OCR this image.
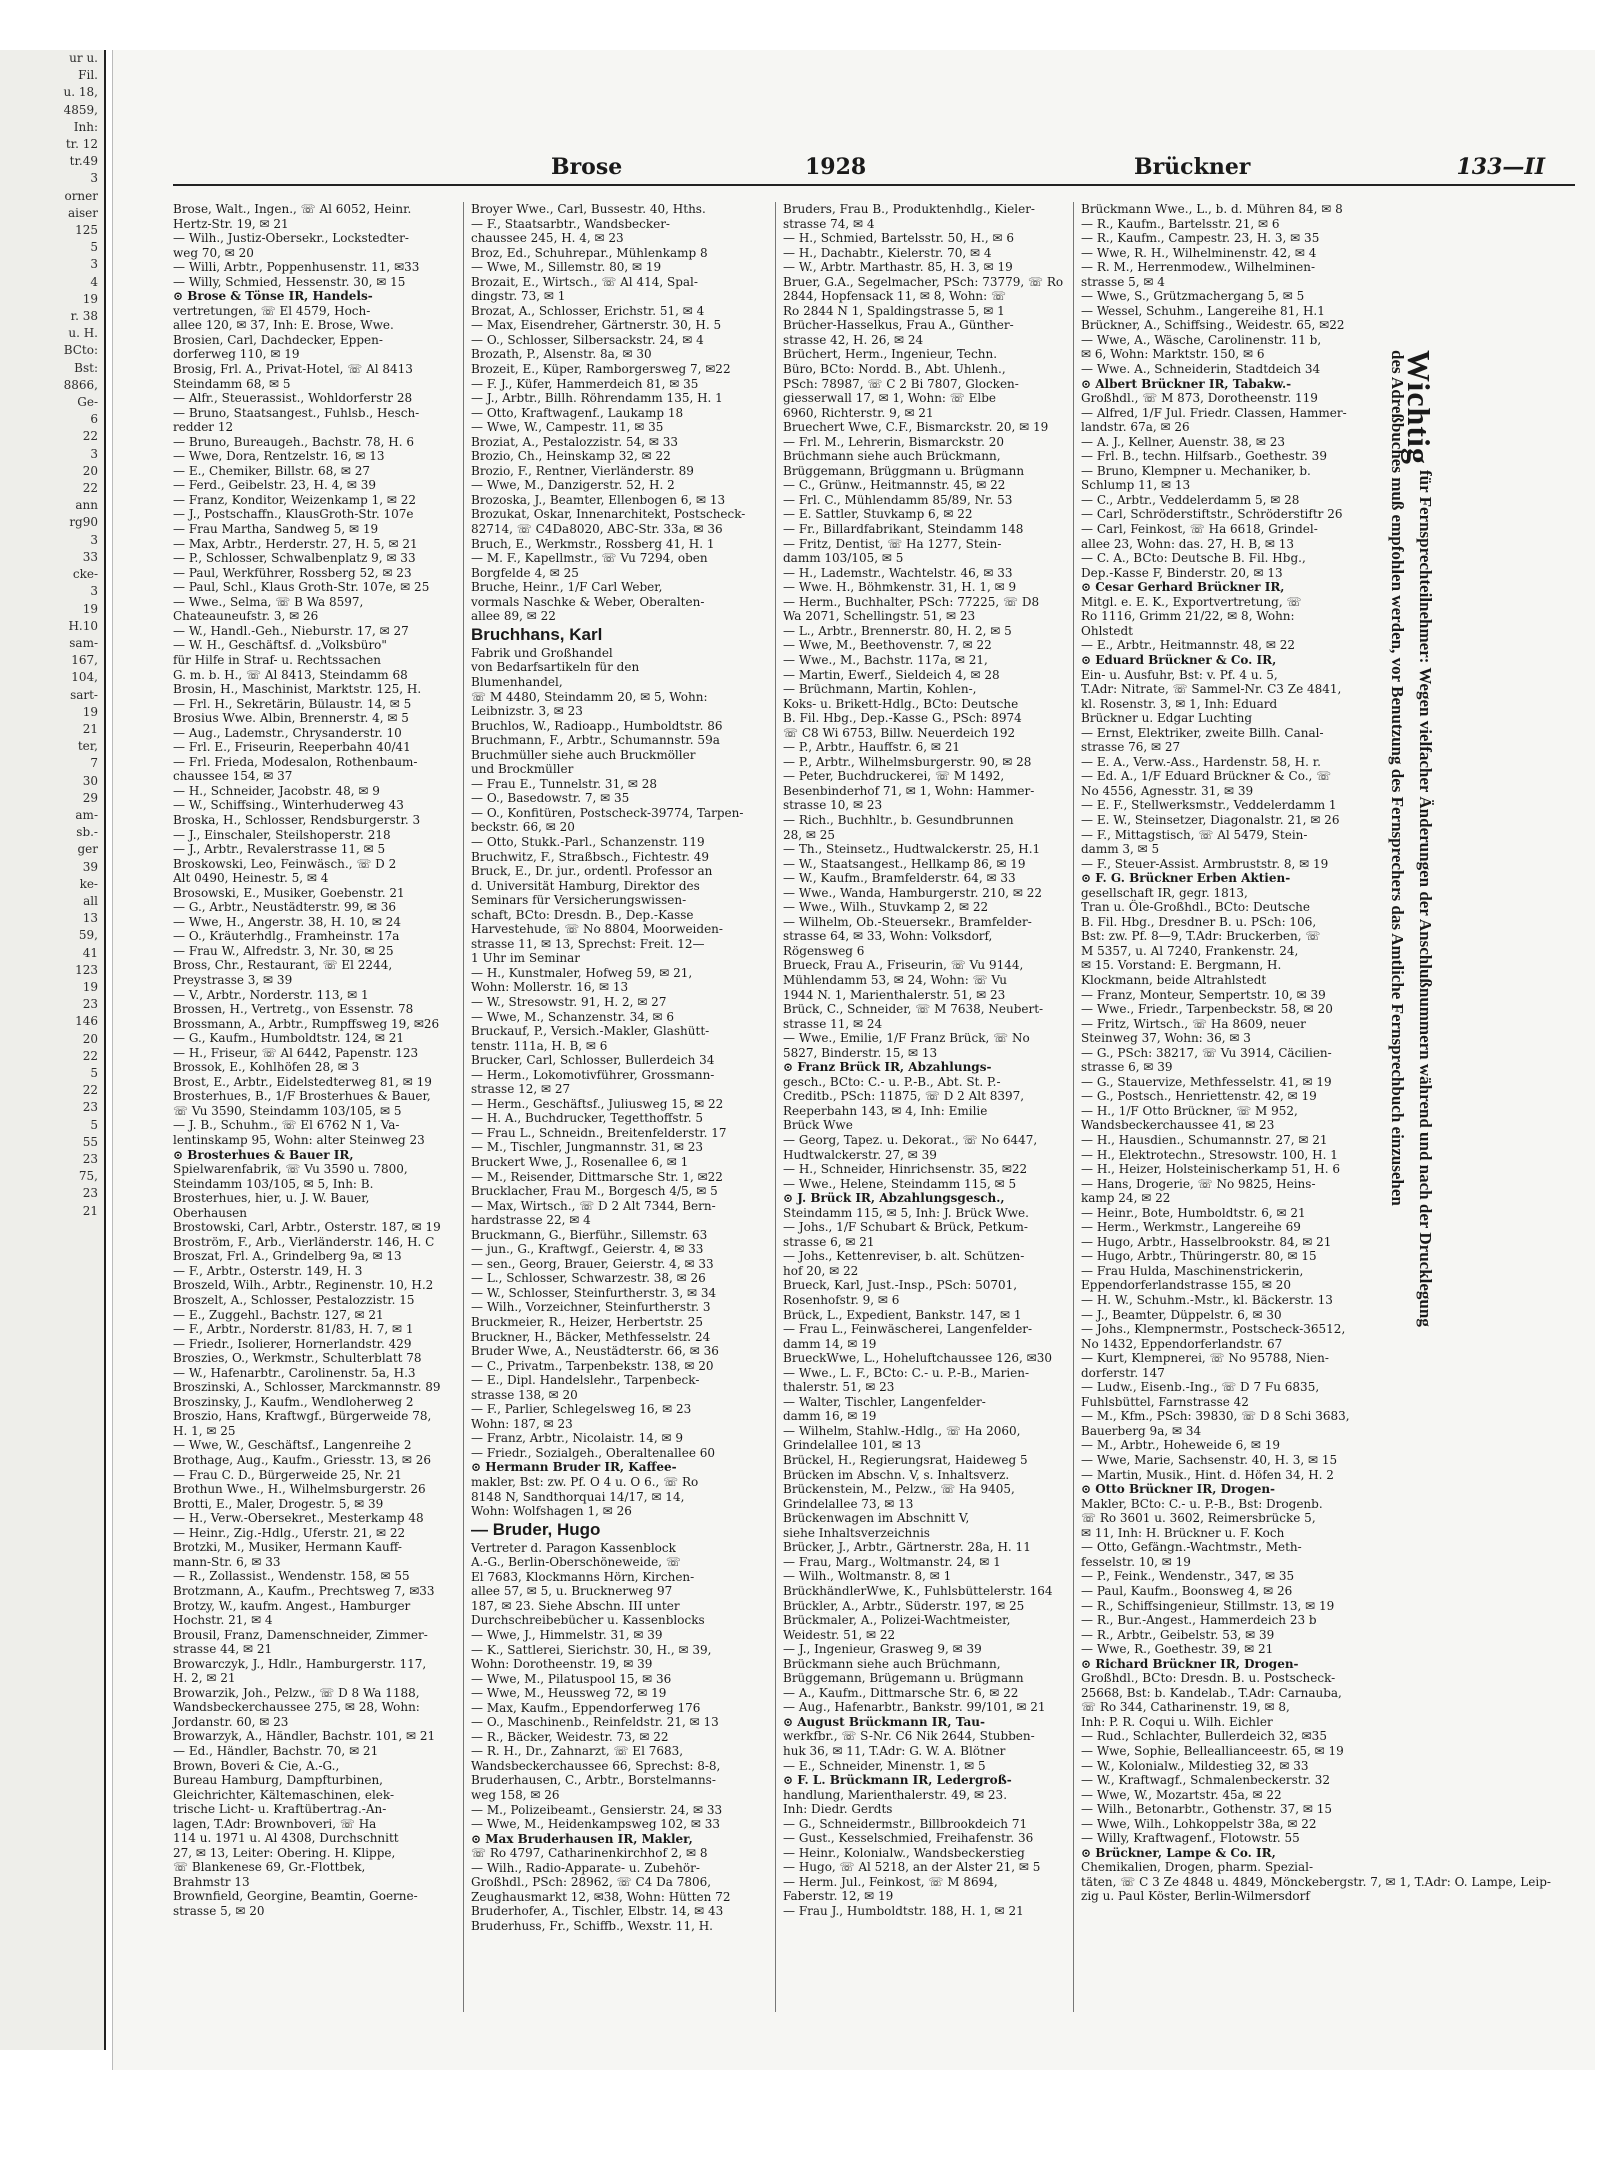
ur u.
Fil.
u. 18,
4859,
Inh:
tr. 12
tr.49
3
orner
aiser
125
5
3
4
19
r. 38
u. H.
BCto:
Bst:
8866,
Ge-
6
22
3
20
22
ann
rg90
3
33
cke-
3
19
H.10
sam-
167,
104,
sart-
19
21
ter,
7
30
29
am-
sb.-
ger
39
ke-
all
13
59,
41
123
19
23
146
20
22
5
22
23
5
55
23
75,
23
21
Brose	1928	Brückner	133—II
Brose, Walt., Ingen., ☏ Al 6052, Heinr.
Hertz-Str. 19, ✉ 21
— Wilh., Justiz-Obersekr., Lockstedter-
weg 70, ✉ 20
— Willi, Arbtr., Poppenhusenstr. 11, ✉33
— Willy, Schmied, Hessenstr. 30, ✉ 15
⊙ Brose & Tönse IR, Handels-
vertretungen, ☏ El 4579, Hoch-
allee 120, ✉ 37, Inh: E. Brose, Wwe.
Brosien, Carl, Dachdecker, Eppen-
dorferweg 110, ✉ 19
Brosig, Frl. A., Privat-Hotel, ☏ Al 8413
Steindamm 68, ✉ 5
— Alfr., Steuerassist., Wohldorferstr 28
— Bruno, Staatsangest., Fuhlsb., Hesch-
redder 12
— Bruno, Bureaugeh., Bachstr. 78, H. 6
— Wwe, Dora, Rentzelstr. 16, ✉ 13
— E., Chemiker, Billstr. 68, ✉ 27
— Ferd., Geibelstr. 23, H. 4, ✉ 39
— Franz, Konditor, Weizenkamp 1, ✉ 22
— J., Postschaffn., KlausGroth-Str. 107e
— Frau Martha, Sandweg 5, ✉ 19
— Max, Arbtr., Herderstr. 27, H. 5, ✉ 21
— P., Schlosser, Schwalbenplatz 9, ✉ 33
— Paul, Werkführer, Rossberg 52, ✉ 23
— Paul, Schl., Klaus Groth-Str. 107e, ✉ 25
— Wwe., Selma, ☏ B Wa 8597,
Chateauneufstr. 3, ✉ 26
— W., Handl.-Geh., Nieburstr. 17, ✉ 27
— W. H., Geschäftsf. d. „Volksbüro"
für Hilfe in Straf- u. Rechtssachen
G. m. b. H., ☏ Al 8413, Steindamm 68
Brosin, H., Maschinist, Marktstr. 125, H.
— Frl. H., Sekretärin, Bülaustr. 14, ✉ 5
Brosius Wwe. Albin, Brennerstr. 4, ✉ 5
— Aug., Lademstr., Chrysanderstr. 10
— Frl. E., Friseurin, Reeperbahn 40/41
— Frl. Frieda, Modesalon, Rothenbaum-
chaussee 154, ✉ 37
— H., Schneider, Jacobstr. 48, ✉ 9
— W., Schiffsing., Winterhuderweg 43
Broska, H., Schlosser, Rendsburgerstr. 3
— J., Einschaler, Steilshoperstr. 218
— J., Arbtr., Revalerstrasse 11, ✉ 5
Broskowski, Leo, Feinwäsch., ☏ D 2
Alt 0490, Heinestr. 5, ✉ 4
Brosowski, E., Musiker, Goebenstr. 21
— G., Arbtr., Neustädterstr. 99, ✉ 36
— Wwe, H., Angerstr. 38, H. 10, ✉ 24
— O., Kräuterhdlg., Framheinstr. 17a
— Frau W., Alfredstr. 3, Nr. 30, ✉ 25
Bross, Chr., Restaurant, ☏ El 2244,
Preystrasse 3, ✉ 39
— V., Arbtr., Norderstr. 113, ✉ 1
Brossen, H., Vertretg., von Essenstr. 78
Brossmann, A., Arbtr., Rumpffsweg 19, ✉26
— G., Kaufm., Humboldtstr. 124, ✉ 21
— H., Friseur, ☏ Al 6442, Papenstr. 123
Brossok, E., Kohlhöfen 28, ✉ 3
Brost, E., Arbtr., Eidelstedterweg 81, ✉ 19
Brosterhues, B., 1/F Brosterhues & Bauer,
☏ Vu 3590, Steindamm 103/105, ✉ 5
— J. B., Schuhm., ☏ El 6762 N 1, Va-
lentinskamp 95, Wohn: alter Steinweg 23
⊙ Brosterhues & Bauer IR,
Spielwarenfabrik, ☏ Vu 3590 u. 7800,
Steindamm 103/105, ✉ 5, Inh: B.
Brosterhues, hier, u. J. W. Bauer,
Oberhausen
Brostowski, Carl, Arbtr., Osterstr. 187, ✉ 19
Broström, F., Arb., Vierländerstr. 146, H. C
Broszat, Frl. A., Grindelberg 9a, ✉ 13
— F., Arbtr., Osterstr. 149, H. 3
Broszeld, Wilh., Arbtr., Reginenstr. 10, H.2
Broszelt, A., Schlosser, Pestalozzistr. 15
— E., Zuggehl., Bachstr. 127, ✉ 21
— F., Arbtr., Norderstr. 81/83, H. 7, ✉ 1
— Friedr., Isolierer, Hornerlandstr. 429
Broszies, O., Werkmstr., Schulterblatt 78
— W., Hafenarbtr., Carolinenstr. 5a, H.3
Broszinski, A., Schlosser, Marckmannstr. 89
Broszinsky, J., Kaufm., Wendloherweg 2
Broszio, Hans, Kraftwgf., Bürgerweide 78,
H. 1, ✉ 25
— Wwe, W., Geschäftsf., Langenreihe 2
Brothage, Aug., Kaufm., Griesstr. 13, ✉ 26
— Frau C. D., Bürgerweide 25, Nr. 21
Brothun Wwe., H., Wilhelmsburgerstr. 26
Brotti, E., Maler, Drogestr. 5, ✉ 39
— H., Verw.-Obersekret., Mesterkamp 48
— Heinr., Zig.-Hdlg., Uferstr. 21, ✉ 22
Brotzki, M., Musiker, Hermann Kauff-
mann-Str. 6, ✉ 33
— R., Zollassist., Wendenstr. 158, ✉ 55
Brotzmann, A., Kaufm., Prechtsweg 7, ✉33
Brotzy, W., kaufm. Angest., Hamburger
Hochstr. 21, ✉ 4
Brousil, Franz, Damenschneider, Zimmer-
strasse 44, ✉ 21
Browarczyk, J., Hdlr., Hamburgerstr. 117,
H. 2, ✉ 21
Browarzik, Joh., Pelzw., ☏ D 8 Wa 1188,
Wandsbeckerchaussee 275, ✉ 28, Wohn:
Jordanstr. 60, ✉ 23
Browarzyk, A., Händler, Bachstr. 101, ✉ 21
— Ed., Händler, Bachstr. 70, ✉ 21
Brown, Boveri & Cie, A.-G.,
Bureau Hamburg, Dampfturbinen,
Gleichrichter, Kältemaschinen, elek-
trische Licht- u. Kraftübertrag.-An-
lagen, T.Adr: Brownboveri, ☏ Ha
114 u. 1971 u. Al 4308, Durchschnitt
27, ✉ 13, Leiter: Obering. H. Klippe,
☏ Blankenese 69, Gr.-Flottbek,
Brahmstr 13
Brownfield, Georgine, Beamtin, Goerne-
strasse 5, ✉ 20
Broyer Wwe., Carl, Bussestr. 40, Hths.
— F., Staatsarbtr., Wandsbecker-
chaussee 245, H. 4, ✉ 23
Broz, Ed., Schuhrepar., Mühlenkamp 8
— Wwe, M., Sillemstr. 80, ✉ 19
Brozait, E., Wirtsch., ☏ Al 414, Spal-
dingstr. 73, ✉ 1
Brozat, A., Schlosser, Erichstr. 51, ✉ 4
— Max, Eisendreher, Gärtnerstr. 30, H. 5
— O., Schlosser, Silbersackstr. 24, ✉ 4
Brozath, P., Alsenstr. 8a, ✉ 30
Brozeit, E., Küper, Ramborgersweg 7, ✉22
— F. J., Küfer, Hammerdeich 81, ✉ 35
— J., Arbtr., Billh. Röhrendamm 135, H. 1
— Otto, Kraftwagenf., Laukamp 18
— Wwe, W., Campestr. 11, ✉ 35
Broziat, A., Pestalozzistr. 54, ✉ 33
Brozio, Ch., Heinskamp 32, ✉ 22
Brozio, F., Rentner, Vierländerstr. 89
— Wwe, M., Danzigerstr. 52, H. 2
Brozoska, J., Beamter, Ellenbogen 6, ✉ 13
Brozukat, Oskar, Innenarchitekt, Postscheck-
82714, ☏ C4Da8020, ABC-Str. 33a, ✉ 36
Bruch, E., Werkmstr., Rossberg 41, H. 1
— M. F., Kapellmstr., ☏ Vu 7294, oben
Borgfelde 4, ✉ 25
Bruche, Heinr., 1/F Carl Weber,
vormals Naschke & Weber, Oberalten-
allee 89, ✉ 22
Bruchhans, Karl
Fabrik und Großhandel
von Bedarfsartikeln für den
Blumenhandel,
☏ M 4480, Steindamm 20, ✉ 5, Wohn:
Leibnizstr. 3, ✉ 23
Bruchlos, W., Radioapp., Humboldtstr. 86
Bruchmann, F., Arbtr., Schumannstr. 59a
Bruchmüller siehe auch Bruckmöller
und Brockmüller
— Frau E., Tunnelstr. 31, ✉ 28
— O., Basedowstr. 7, ✉ 35
— O., Konfitüren, Postscheck-39774, Tarpen-
beckstr. 66, ✉ 20
— Otto, Stukk.-Parl., Schanzenstr. 119
Bruchwitz, F., Straßbsch., Fichtestr. 49
Bruck, E., Dr. jur., ordentl. Professor an
d. Universität Hamburg, Direktor des
Seminars für Versicherungswissen-
schaft, BCto: Dresdn. B., Dep.-Kasse
Harvestehude, ☏ No 8804, Moorweiden-
strasse 11, ✉ 13, Sprechst: Freit. 12—
1 Uhr im Seminar
— H., Kunstmaler, Hofweg 59, ✉ 21,
Wohn: Mollerstr. 16, ✉ 13
— W., Stresowstr. 91, H. 2, ✉ 27
— Wwe, M., Schanzenstr. 34, ✉ 6
Bruckauf, P., Versich.-Makler, Glashütt-
tenstr. 111a, H. B, ✉ 6
Brucker, Carl, Schlosser, Bullerdeich 34
— Herm., Lokomotivführer, Grossmann-
strasse 12, ✉ 27
— Herm., Geschäftsf., Juliusweg 15, ✉ 22
— H. A., Buchdrucker, Tegetthoffstr. 5
— Frau L., Schneidn., Breitenfelderstr. 17
— M., Tischler, Jungmannstr. 31, ✉ 23
Bruckert Wwe, J., Rosenallee 6, ✉ 1
— M., Reisender, Dittmarsche Str. 1, ✉22
Brucklacher, Frau M., Borgesch 4/5, ✉ 5
— Max, Wirtsch., ☏ D 2 Alt 7344, Bern-
hardstrasse 22, ✉ 4
Bruckmann, G., Bierführ., Sillemstr. 63
— jun., G., Kraftwgf., Geierstr. 4, ✉ 33
— sen., Georg, Brauer, Geierstr. 4, ✉ 33
— L., Schlosser, Schwarzestr. 38, ✉ 26
— W., Schlosser, Steinfurtherstr. 3, ✉ 34
— Wilh., Vorzeichner, Steinfurtherstr. 3
Bruckmeier, R., Heizer, Herbertstr. 25
Bruckner, H., Bäcker, Methfesselstr. 24
Bruder Wwe, A., Neustädterstr. 66, ✉ 36
— C., Privatm., Tarpenbekstr. 138, ✉ 20
— E., Dipl. Handelslehr., Tarpenbeck-
strasse 138, ✉ 20
— F., Parlier, Schlegelsweg 16, ✉ 23
Wohn: 187, ✉ 23
— Franz, Arbtr., Nicolaistr. 14, ✉ 9
— Friedr., Sozialgeh., Oberaltenallee 60
⊙ Hermann Bruder IR, Kaffee-
makler, Bst: zw. Pf. O 4 u. O 6., ☏ Ro
8148 N, Sandthorquai 14/17, ✉ 14,
Wohn: Wolfshagen 1, ✉ 26
— Bruder, Hugo
Vertreter d. Paragon Kassenblock
A.-G., Berlin-Oberschöneweide, ☏
El 7683, Klockmanns Hörn, Kirchen-
allee 57, ✉ 5, u. Brucknerweg 97
187, ✉ 23. Siehe Abschn. III unter
Durchschreibebücher u. Kassenblocks
— Wwe, J., Himmelstr. 31, ✉ 39
— K., Sattlerei, Sierichstr. 30, H., ✉ 39,
Wohn: Dorotheenstr. 19, ✉ 39
— Wwe, M., Pilatuspool 15, ✉ 36
— Wwe, M., Heussweg 72, ✉ 19
— Max, Kaufm., Eppendorferweg 176
— O., Maschinenb., Reinfeldstr. 21, ✉ 13
— R., Bäcker, Weidestr. 73, ✉ 22
— R. H., Dr., Zahnarzt, ☏ El 7683,
Wandsbeckerchaussee 66, Sprechst: 8-8,
Bruderhausen, C., Arbtr., Borstelmanns-
weg 158, ✉ 26
— M., Polizeibeamt., Gensierstr. 24, ✉ 33
— Wwe, M., Heidenkampsweg 102, ✉ 33
⊙ Max Bruderhausen IR, Makler,
☏ Ro 4797, Catharinenkirchhof 2, ✉ 8
— Wilh., Radio-Apparate- u. Zubehör-
Großhdl., PSch: 28962, ☏ C4 Da 7806,
Zeughausmarkt 12, ✉38, Wohn: Hütten 72
Bruderhofer, A., Tischler, Elbstr. 14, ✉ 43
Bruderhuss, Fr., Schiffb., Wexstr. 11, H.
Bruders, Frau B., Produktenhdlg., Kieler-
strasse 74, ✉ 4
— H., Schmied, Bartelsstr. 50, H., ✉ 6
— H., Dachabtr., Kielerstr. 70, ✉ 4
— W., Arbtr. Marthastr. 85, H. 3, ✉ 19
Bruer, G.A., Segelmacher, PSch: 73779, ☏ Ro
2844, Hopfensack 11, ✉ 8, Wohn: ☏
Ro 2844 N 1, Spaldingstrasse 5, ✉ 1
Brücher-Hasselkus, Frau A., Günther-
strasse 42, H. 26, ✉ 24
Brüchert, Herm., Ingenieur, Techn.
Büro, BCto: Nordd. B., Abt. Uhlenh.,
PSch: 78987, ☏ C 2 Bi 7807, Glocken-
giesserwall 17, ✉ 1, Wohn: ☏ Elbe
6960, Richterstr. 9, ✉ 21
Bruechert Wwe, C.F., Bismarckstr. 20, ✉ 19
— Frl. M., Lehrerin, Bismarckstr. 20
Brüchmann siehe auch Brückmann,
Brüggemann, Brüggmann u. Brügmann
— C., Grünw., Heitmannstr. 45, ✉ 22
— Frl. C., Mühlendamm 85/89, Nr. 53
— E. Sattler, Stuvkamp 6, ✉ 22
— Fr., Billardfabrikant, Steindamm 148
— Fritz, Dentist, ☏ Ha 1277, Stein-
damm 103/105, ✉ 5
— H., Lademstr., Wachtelstr. 46, ✉ 33
— Wwe. H., Böhmkenstr. 31, H. 1, ✉ 9
— Herm., Buchhalter, PSch: 77225, ☏ D8
Wa 2071, Schellingstr. 51, ✉ 23
— L., Arbtr., Brennerstr. 80, H. 2, ✉ 5
— Wwe, M., Beethovenstr. 7, ✉ 22
— Wwe., M., Bachstr. 117a, ✉ 21,
— Martin, Ewerf., Sieldeich 4, ✉ 28
— Brüchmann, Martin, Kohlen-,
Koks- u. Brikett-Hdlg., BCto: Deutsche
B. Fil. Hbg., Dep.-Kasse G., PSch: 8974
☏ C8 Wi 6753, Billw. Neuerdeich 192
— P., Arbtr., Hauffstr. 6, ✉ 21
— P., Arbtr., Wilhelmsburgerstr. 90, ✉ 28
— Peter, Buchdruckerei, ☏ M 1492,
Besenbinderhof 71, ✉ 1, Wohn: Hammer-
strasse 10, ✉ 23
— Rich., Buchhltr., b. Gesundbrunnen
28, ✉ 25
— Th., Steinsetz., Hudtwalckerstr. 25, H.1
— W., Staatsangest., Hellkamp 86, ✉ 19
— W., Kaufm., Bramfelderstr. 64, ✉ 33
— Wwe., Wanda, Hamburgerstr. 210, ✉ 22
— Wwe., Wilh., Stuvkamp 2, ✉ 22
— Wilhelm, Ob.-Steuersekr., Bramfelder-
strasse 64, ✉ 33, Wohn: Volksdorf,
Rögensweg 6
Brueck, Frau A., Friseurin, ☏ Vu 9144,
Mühlendamm 53, ✉ 24, Wohn: ☏ Vu
1944 N. 1, Marienthalerstr. 51, ✉ 23
Brück, C., Schneider, ☏ M 7638, Neubert-
strasse 11, ✉ 24
— Wwe., Emilie, 1/F Franz Brück, ☏ No
5827, Binderstr. 15, ✉ 13
⊙ Franz Brück IR, Abzahlungs-
gesch., BCto: C.- u. P.-B., Abt. St. P.-
Creditb., PSch: 11875, ☏ D 2 Alt 8397,
Reeperbahn 143, ✉ 4, Inh: Emilie
Brück Wwe
— Georg, Tapez. u. Dekorat., ☏ No 6447,
Hudtwalckerstr. 27, ✉ 39
— H., Schneider, Hinrichsenstr. 35, ✉22
— Wwe., Helene, Steindamm 115, ✉ 5
⊙ J. Brück IR, Abzahlungsgesch.,
Steindamm 115, ✉ 5, Inh: J. Brück Wwe.
— Johs., 1/F Schubart & Brück, Petkum-
strasse 6, ✉ 21
— Johs., Kettenreviser, b. alt. Schützen-
hof 20, ✉ 22
Brueck, Karl, Just.-Insp., PSch: 50701,
Rosenhofstr. 9, ✉ 6
Brück, L., Expedient, Bankstr. 147, ✉ 1
— Frau L., Feinwäscherei, Langenfelder-
damm 14, ✉ 19
BrueckWwe, L., Hoheluftchaussee 126, ✉30
— Wwe., L. F., BCto: C.- u. P.-B., Marien-
thalerstr. 51, ✉ 23
— Walter, Tischler, Langenfelder-
damm 16, ✉ 19
— Wilhelm, Stahlw.-Hdlg., ☏ Ha 2060,
Grindelallee 101, ✉ 13
Brückel, H., Regierungsrat, Haideweg 5
Brücken im Abschn. V, s. Inhaltsverz.
Brückenstein, M., Pelzw., ☏ Ha 9405,
Grindelallee 73, ✉ 13
Brückenwagen im Abschnitt V,
siehe Inhaltsverzeichnis
Brücker, J., Arbtr., Gärtnerstr. 28a, H. 11
— Frau, Marg., Woltmanstr. 24, ✉ 1
— Wilh., Woltmanstr. 8, ✉ 1
BrückhändlerWwe, K., Fuhlsbüttelerstr. 164
Brückler, A., Arbtr., Süderstr. 197, ✉ 25
Brückmaler, A., Polizei-Wachtmeister,
Weidestr. 51, ✉ 22
— J., Ingenieur, Grasweg 9, ✉ 39
Brückmann siehe auch Brüchmann,
Brüggemann, Brügemann u. Brügmann
— A., Kaufm., Dittmarsche Str. 6, ✉ 22
— Aug., Hafenarbtr., Bankstr. 99/101, ✉ 21
⊙ August Brückmann IR, Tau-
werkfbr., ☏ S-Nr. C6 Nik 2644, Stubben-
huk 36, ✉ 11, T.Adr: G. W. A. Blötner
— E., Schneider, Minenstr. 1, ✉ 5
⊙ F. L. Brückmann IR, Ledergroß-
handlung, Marienthalerstr. 49, ✉ 23.
Inh: Diedr. Gerdts
— G., Schneidermstr., Billbrookdeich 71
— Gust., Kesselschmied, Freihafenstr. 36
— Heinr., Kolonialw., Wandsbeckerstieg
— Hugo, ☏ Al 5218, an der Alster 21, ✉ 5
— Herm. Jul., Feinkost, ☏ M 8694,
Faberstr. 12, ✉ 19
— Frau J., Humboldtstr. 188, H. 1, ✉ 21
Brückmann Wwe., L., b. d. Mühren 84, ✉ 8
— R., Kaufm., Bartelsstr. 21, ✉ 6
— R., Kaufm., Campestr. 23, H. 3, ✉ 35
— Wwe, R. H., Wilhelminenstr. 42, ✉ 4
— R. M., Herrenmodew., Wilhelminen-
strasse 5, ✉ 4
— Wwe, S., Grützmachergang 5, ✉ 5
— Wessel, Schuhm., Langereihe 81, H.1
Brückner, A., Schiffsing., Weidestr. 65, ✉22
— Wwe, A., Wäsche, Carolinenstr. 11 b,
✉ 6, Wohn: Marktstr. 150, ✉ 6
— Wwe. A., Schneiderin, Stadtdeich 34
⊙ Albert Brückner IR, Tabakw.-
Großhdl., ☏ M 873, Dorotheenstr. 119
— Alfred, 1/F Jul. Friedr. Classen, Hammer-
landstr. 67a, ✉ 26
— A. J., Kellner, Auenstr. 38, ✉ 23
— Frl. B., techn. Hilfsarb., Goethestr. 39
— Bruno, Klempner u. Mechaniker, b.
Schlump 11, ✉ 13
— C., Arbtr., Veddelerdamm 5, ✉ 28
— Carl, Schröderstiftstr., Schröderstiftr 26
— Carl, Feinkost, ☏ Ha 6618, Grindel-
allee 23, Wohn: das. 27, H. B, ✉ 13
— C. A., BCto: Deutsche B. Fil. Hbg.,
Dep.-Kasse F, Binderstr. 20, ✉ 13
⊙ Cesar Gerhard Brückner IR,
Mitgl. e. E. K., Exportvertretung, ☏
Ro 1116, Grimm 21/22, ✉ 8, Wohn:
Ohlstedt
— E., Arbtr., Heitmannstr. 48, ✉ 22
⊙ Eduard Brückner & Co. IR,
Ein- u. Ausfuhr, Bst: v. Pf. 4 u. 5,
T.Adr: Nitrate, ☏ Sammel-Nr. C3 Ze 4841,
kl. Rosenstr. 3, ✉ 1, Inh: Eduard
Brückner u. Edgar Luchting
— Ernst, Elektriker, zweite Billh. Canal-
strasse 76, ✉ 27
— E. A., Verw.-Ass., Hardenstr. 58, H. r.
— Ed. A., 1/F Eduard Brückner & Co., ☏
No 4556, Agnesstr. 31, ✉ 39
— E. F., Stellwerksmstr., Veddelerdamm 1
— E. W., Steinsetzer, Diagonalstr. 21, ✉ 26
— F., Mittagstisch, ☏ Al 5479, Stein-
damm 3, ✉ 5
— F., Steuer-Assist. Armbruststr. 8, ✉ 19
⊙ F. G. Brückner Erben Aktien-
gesellschaft IR, gegr. 1813,
Tran u. Öle-Großhdl., BCto: Deutsche
B. Fil. Hbg., Dresdner B. u. PSch: 106,
Bst: zw. Pf. 8—9, T.Adr: Bruckerben, ☏
M 5357, u. Al 7240, Frankenstr. 24,
✉ 15. Vorstand: E. Bergmann, H.
Klockmann, beide Altrahlstedt
— Franz, Monteur, Sempertstr. 10, ✉ 39
— Wwe., Friedr., Tarpenbeckstr. 58, ✉ 20
— Fritz, Wirtsch., ☏ Ha 8609, neuer
Steinweg 37, Wohn: 36, ✉ 3
— G., PSch: 38217, ☏ Vu 3914, Cäcilien-
strasse 6, ✉ 39
— G., Stauervize, Methfesselstr. 41, ✉ 19
— G., Postsch., Henriettenstr. 42, ✉ 19
— H., 1/F Otto Brückner, ☏ M 952,
Wandsbeckerchaussee 41, ✉ 23
— H., Hausdien., Schumannstr. 27, ✉ 21
— H., Elektrotechn., Stresowstr. 100, H. 1
— H., Heizer, Holsteinischerkamp 51, H. 6
— Hans, Drogerie, ☏ No 9825, Heins-
kamp 24, ✉ 22
— Heinr., Bote, Humboldtstr. 6, ✉ 21
— Herm., Werkmstr., Langereihe 69
— Hugo, Arbtr., Hasselbrookstr. 84, ✉ 21
— Hugo, Arbtr., Thüringerstr. 80, ✉ 15
— Frau Hulda, Maschinenstrickerin,
Eppendorferlandstrasse 155, ✉ 20
— H. W., Schuhm.-Mstr., kl. Bäckerstr. 13
— J., Beamter, Düppelstr. 6, ✉ 30
— Johs., Klempnermstr., Postscheck-36512,
No 1432, Eppendorferlandstr. 67
— Kurt, Klempnerei, ☏ No 95788, Nien-
dorferstr. 147
— Ludw., Eisenb.-Ing., ☏ D 7 Fu 6835,
Fuhlsbüttel, Farnstrasse 42
— M., Kfm., PSch: 39830, ☏ D 8 Schi 3683,
Bauerberg 9a, ✉ 34
— M., Arbtr., Hoheweide 6, ✉ 19
— Wwe, Marie, Sachsenstr. 40, H. 3, ✉ 15
— Martin, Musik., Hint. d. Höfen 34, H. 2
⊙ Otto Brückner IR, Drogen-
Makler, BCto: C.- u. P.-B., Bst: Drogenb.
☏ Ro 3601 u. 3602, Reimersbrücke 5,
✉ 11, Inh: H. Brückner u. F. Koch
— Otto, Gefängn.-Wachtmstr., Meth-
fesselstr. 10, ✉ 19
— P., Feink., Wendenstr., 347, ✉ 35
— Paul, Kaufm., Boonsweg 4, ✉ 26
— R., Schiffsingenieur, Stillmstr. 13, ✉ 19
— R., Bur.-Angest., Hammerdeich 23 b
— R., Arbtr., Geibelstr. 53, ✉ 39
— Wwe, R., Goethestr. 39, ✉ 21
⊙ Richard Brückner IR, Drogen-
Großhdl., BCto: Dresdn. B. u. Postscheck-
25668, Bst: b. Kandelab., T.Adr: Carnauba,
☏ Ro 344, Catharinenstr. 19, ✉ 8,
Inh: P. R. Coqui u. Wilh. Eichler
— Rud., Schlachter, Bullerdeich 32, ✉35
— Wwe, Sophie, Belleallianceestr. 65, ✉ 19
— W., Kolonialw., Mildestieg 32, ✉ 33
— W., Kraftwagf., Schmalenbeckerstr. 32
— Wwe, W., Mozartstr. 45a, ✉ 22
— Wilh., Betonarbtr., Gothenstr. 37, ✉ 15
— Wwe, Wilh., Lohkoppelstr 38a, ✉ 22
— Willy, Kraftwagenf., Flotowstr. 55
⊙ Brückner, Lampe & Co. IR,
Chemikalien, Drogen, pharm. Spezial-
täten, ☏ C 3 Ze 4848 u. 4849, Mönckebergstr. 7, ✉ 1, T.Adr: O. Lampe, Leip-
zig u. Paul Köster, Berlin-Wilmersdorf
Wichtig
für Fernsprechteilnehmer: Wegen vielfacher Änderungen der Anschlußnummern während und nach der Drucklegung
des Adreßbuches muß empfohlen werden, vor Benutzung des Fernsprechers das Amtliche Fernsprechbuch einzusehen
